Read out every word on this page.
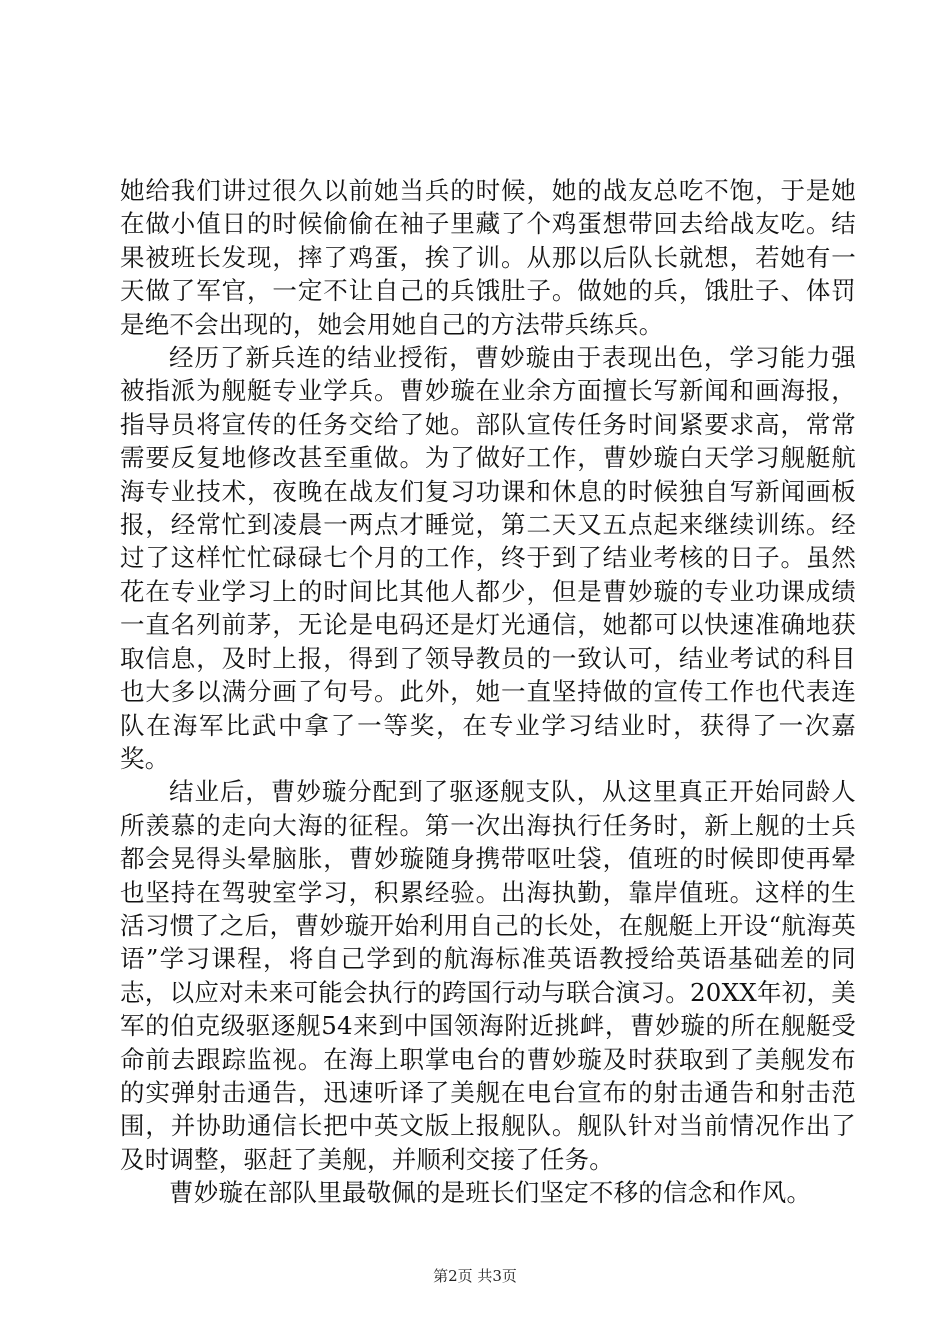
她给我们讲过很久以前她当兵的时候，她的战友总吃不饱，于是她在做小值日的时候偷偷在袖子里藏了个鸡蛋想带回去给战友吃。结果被班长发现，摔了鸡蛋，挨了训。从那以后队长就想，若她有一天做了军官，一定不让自己的兵饿肚子。做她的兵，饿肚子、体罚是绝不会出现的，她会用她自己的方法带兵练兵。

经历了新兵连的结业授衔，曹妙璇由于表现出色，学习能力强被指派为舰艇专业学兵。曹妙璇在业余方面擅长写新闻和画海报，指导员将宣传的任务交给了她。部队宣传任务时间紧要求高，常常需要反复地修改甚至重做。为了做好工作，曹妙璇白天学习舰艇航海专业技术，夜晚在战友们复习功课和休息的时候独自写新闻画板报，经常忙到凌晨一两点才睡觉，第二天又五点起来继续训练。经过了这样忙忙碌碌七个月的工作，终于到了结业考核的日子。虽然花在专业学习上的时间比其他人都少，但是曹妙璇的专业功课成绩一直名列前茅，无论是电码还是灯光通信，她都可以快速准确地获取信息，及时上报，得到了领导教员的一致认可，结业考试的科目也大多以满分画了句号。此外，她一直坚持做的宣传工作也代表连队在海军比武中拿了一等奖，在专业学习结业时，获得了一次嘉奖。

结业后，曹妙璇分配到了驱逐舰支队，从这里真正开始同龄人所羡慕的走向大海的征程。第一次出海执行任务时，新上舰的士兵都会晃得头晕脑胀，曹妙璇随身携带呕吐袋，值班的时候即使再晕也坚持在驾驶室学习，积累经验。出海执勤，靠岸值班。这样的生活习惯了之后，曹妙璇开始利用自己的长处，在舰艇上开设“航海英语”学习课程，将自己学到的航海标准英语教授给英语基础差的同志，以应对未来可能会执行的跨国行动与联合演习。20XX年初，美军的伯克级驱逐舰54来到中国领海附近挑衅，曹妙璇的所在舰艇受命前去跟踪监视。在海上职掌电台的曹妙璇及时获取到了美舰发布的实弹射击通告，迅速听译了美舰在电台宣布的射击通告和射击范围，并协助通信长把中英文版上报舰队。舰队针对当前情况作出了及时调整，驱赶了美舰，并顺利交接了任务。

曹妙璇在部队里最敬佩的是班长们坚定不移的信念和作风。

第2页 共3页
